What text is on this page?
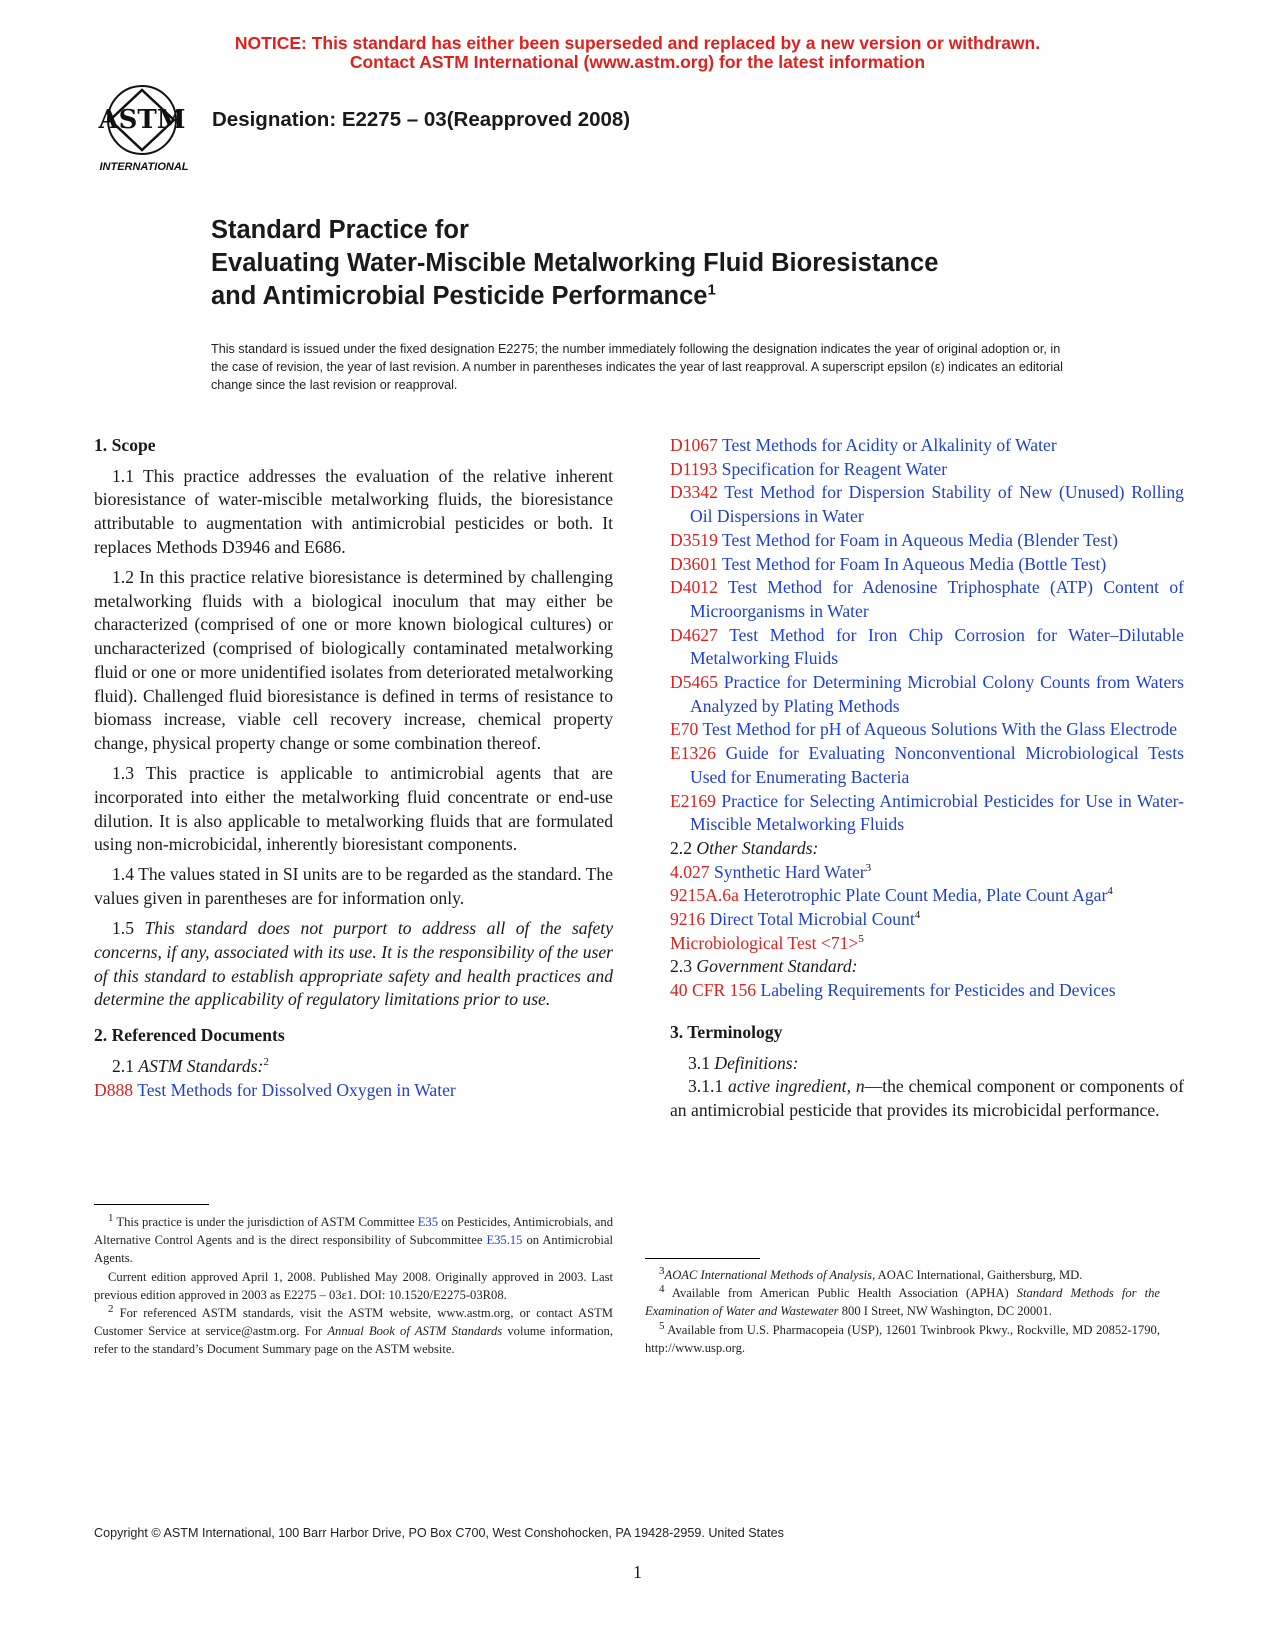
NOTICE: This standard has either been superseded and replaced by a new version or withdrawn.
Contact ASTM International (www.astm.org) for the latest information
ASTM
INTERNATIONAL
Designation: E2275 – 03(Reapproved 2008)
Standard Practice for
Evaluating Water-Miscible Metalworking Fluid Bioresistance
and Antimicrobial Pesticide Performance$^1$
This standard is issued under the fixed designation E2275; the number immediately following the designation indicates the year of original adoption or, in the case of revision, the year of last revision. A number in parentheses indicates the year of last reapproval. A superscript epsilon (ε) indicates an editorial change since the last revision or reapproval.
1. Scope

1.1 This practice addresses the evaluation of the relative inherent bioresistance of water-miscible metalworking fluids, the bioresistance attributable to augmentation with antimicrobial pesticides or both. It replaces Methods D3946 and E686.

1.2 In this practice relative bioresistance is determined by challenging metalworking fluids with a biological inoculum that may either be characterized (comprised of one or more known biological cultures) or uncharacterized (comprised of biologically contaminated metalworking fluid or one or more unidentified isolates from deteriorated metalworking fluid). Challenged fluid bioresistance is defined in terms of resistance to biomass increase, viable cell recovery increase, chemical property change, physical property change or some combination thereof.

1.3 This practice is applicable to antimicrobial agents that are incorporated into either the metalworking fluid concentrate or end-use dilution. It is also applicable to metalworking fluids that are formulated using non-microbicidal, inherently bioresistant components.

1.4 The values stated in SI units are to be regarded as the standard. The values given in parentheses are for information only.

1.5 This standard does not purport to address all of the safety concerns, if any, associated with its use. It is the responsibility of the user of this standard to establish appropriate safety and health practices and determine the applicability of regulatory limitations prior to use.

2. Referenced Documents

2.1 ASTM Standards:$^2$

D888 Test Methods for Dissolved Oxygen in Water

$^1$ This practice is under the jurisdiction of ASTM Committee E35 on Pesticides, Antimicrobials, and Alternative Control Agents and is the direct responsibility of Subcommittee E35.15 on Antimicrobial Agents.

Current edition approved April 1, 2008. Published May 2008. Originally approved in 2003. Last previous edition approved in 2003 as E2275 – 03ε1. DOI: 10.1520/E2275-03R08.

$^2$ For referenced ASTM standards, visit the ASTM website, www.astm.org, or contact ASTM Customer Service at service@astm.org. For Annual Book of ASTM Standards volume information, refer to the standard’s Document Summary page on the ASTM website.

D1067 Test Methods for Acidity or Alkalinity of Water
D1193 Specification for Reagent Water
D3342 Test Method for Dispersion Stability of New (Unused) Rolling Oil Dispersions in Water
D3519 Test Method for Foam in Aqueous Media (Blender Test)
D3601 Test Method for Foam In Aqueous Media (Bottle Test)
D4012 Test Method for Adenosine Triphosphate (ATP) Content of Microorganisms in Water
D4627 Test Method for Iron Chip Corrosion for Water–Dilutable Metalworking Fluids
D5465 Practice for Determining Microbial Colony Counts from Waters Analyzed by Plating Methods
E70 Test Method for pH of Aqueous Solutions With the Glass Electrode
E1326 Guide for Evaluating Nonconventional Microbiological Tests Used for Enumerating Bacteria
E2169 Practice for Selecting Antimicrobial Pesticides for Use in Water-Miscible Metalworking Fluids
2.2 Other Standards:
4.027 Synthetic Hard Water$^3$
9215A.6a Heterotrophic Plate Count Media, Plate Count Agar$^4$
9216 Direct Total Microbial Count$^4$
Microbiological Test <71>$^5$
2.3 Government Standard:
40 CFR 156 Labeling Requirements for Pesticides and Devices
3. Terminology
3.1 Definitions:

3.1.1 active ingredient, n—the chemical component or components of an antimicrobial pesticide that provides its microbicidal performance.

$^3$AOAC International Methods of Analysis, AOAC International, Gaithersburg, MD.

$^4$ Available from American Public Health Association (APHA) Standard Methods for the Examination of Water and Wastewater 800 I Street, NW Washington, DC 20001.

$^5$ Available from U.S. Pharmacopeia (USP), 12601 Twinbrook Pkwy., Rockville, MD 20852-1790, http://www.usp.org.

Copyright © ASTM International, 100 Barr Harbor Drive, PO Box C700, West Conshohocken, PA 19428-2959. United States
1
